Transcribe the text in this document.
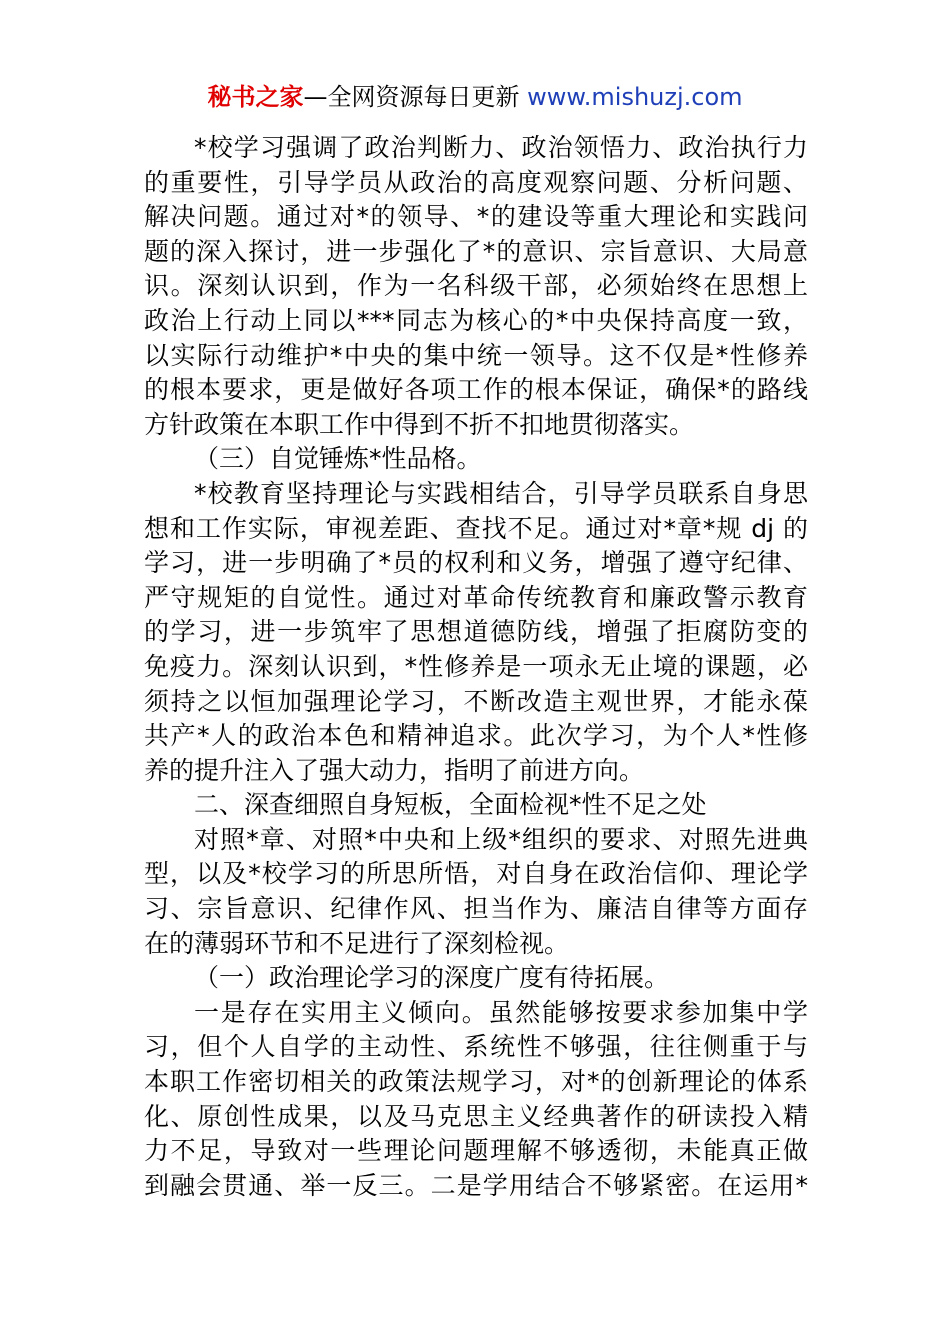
秘书之家—全网资源每日更新 www.mishuzj.com
*校学习强调了政治判断力、政治领悟力、政治执行力
的重要性，引导学员从政治的高度观察问题、分析问题、
解决问题。通过对*的领导、*的建设等重大理论和实践问
题的深入探讨，进一步强化了*的意识、宗旨意识、大局意
识。深刻认识到，作为一名科级干部，必须始终在思想上
政治上行动上同以***同志为核心的*中央保持高度一致，
以实际行动维护*中央的集中统一领导。这不仅是*性修养
的根本要求，更是做好各项工作的根本保证，确保*的路线
方针政策在本职工作中得到不折不扣地贯彻落实。
（三）自觉锤炼*性品格。
*校教育坚持理论与实践相结合，引导学员联系自身思
想和工作实际，审视差距、查找不足。通过对*章*规 dj 的
学习，进一步明确了*员的权利和义务，增强了遵守纪律、
严守规矩的自觉性。通过对革命传统教育和廉政警示教育
的学习，进一步筑牢了思想道德防线，增强了拒腐防变的
免疫力。深刻认识到，*性修养是一项永无止境的课题，必
须持之以恒加强理论学习，不断改造主观世界，才能永葆
共产*人的政治本色和精神追求。此次学习，为个人*性修
养的提升注入了强大动力，指明了前进方向。
二、深查细照自身短板，全面检视*性不足之处
对照*章、对照*中央和上级*组织的要求、对照先进典
型，以及*校学习的所思所悟，对自身在政治信仰、理论学
习、宗旨意识、纪律作风、担当作为、廉洁自律等方面存
在的薄弱环节和不足进行了深刻检视。
（一）政治理论学习的深度广度有待拓展。
一是存在实用主义倾向。虽然能够按要求参加集中学
习，但个人自学的主动性、系统性不够强，往往侧重于与
本职工作密切相关的政策法规学习，对*的创新理论的体系
化、原创性成果，以及马克思主义经典著作的研读投入精
力不足，导致对一些理论问题理解不够透彻，未能真正做
到融会贯通、举一反三。二是学用结合不够紧密。在运用*
